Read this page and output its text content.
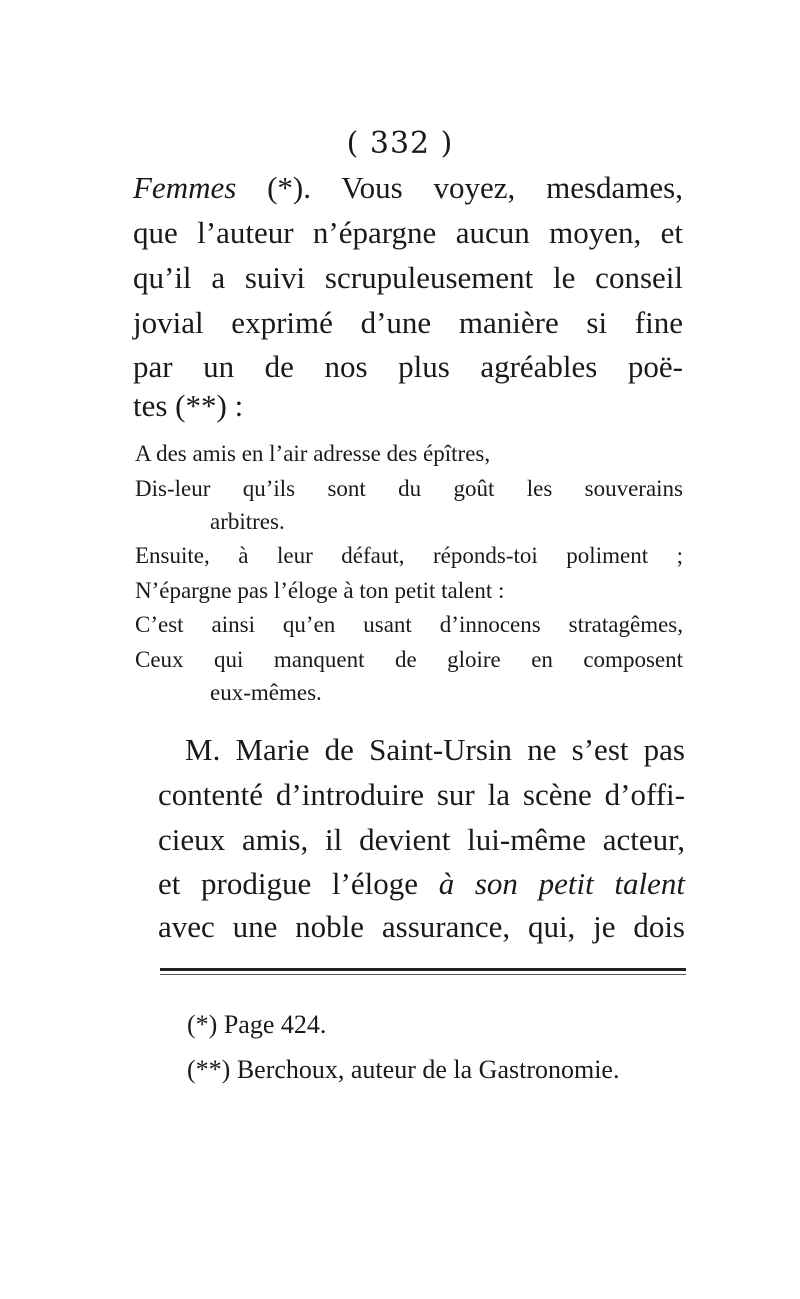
( 332 )

Femmes (*). Vous voyez, mesdames,

que l’auteur n’épargne aucun moyen, et

qu’il a suivi scrupuleusement le conseil

jovial exprimé d’une manière si fine

par un de nos plus agréables poë-

tes (**) :

A des amis en l’air adresse des épîtres,

Dis-leur qu’ils sont du goût les souverains

arbitres.

Ensuite, à leur défaut, réponds-toi poliment ;

N’épargne pas l’éloge à ton petit talent :

C’est ainsi qu’en usant d’innocens stratagêmes,

Ceux qui manquent de gloire en composent

eux-mêmes.

M. Marie de Saint-Ursin ne s’est pas

contenté d’introduire sur la scène d’offi-

cieux amis, il devient lui-même acteur,

et prodigue l’éloge à son petit talent

avec une noble assurance, qui, je dois

(*) Page 424.
(**) Berchoux, auteur de la Gastronomie.
